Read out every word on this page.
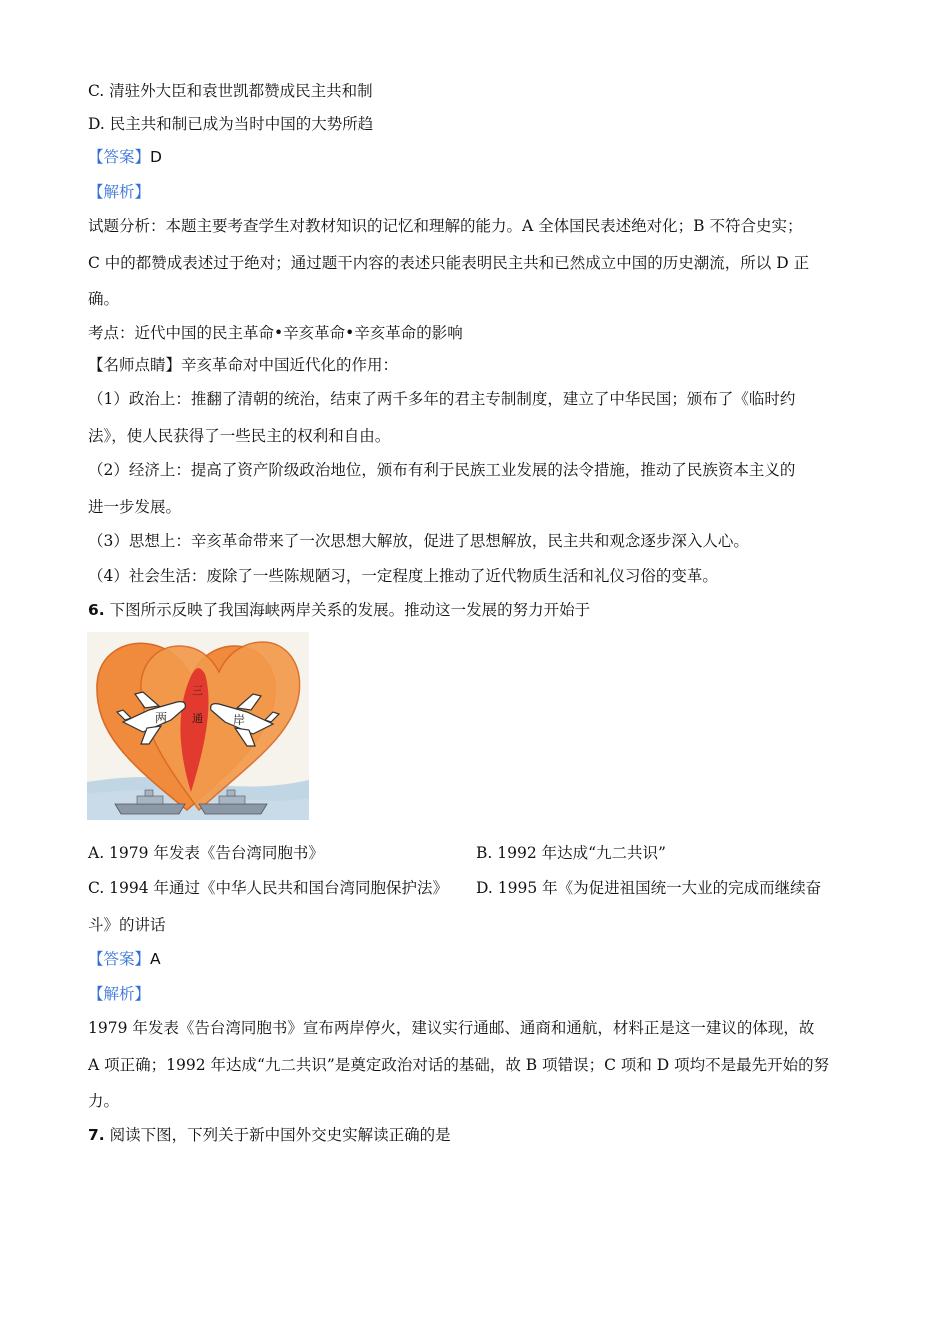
C. 清驻外大臣和袁世凯都赞成民主共和制
D. 民主共和制已成为当时中国的大势所趋
【答案】D
【解析】
试题分析：本题主要考查学生对教材知识的记忆和理解的能力。A 全体国民表述绝对化；B 不符合史实；
C 中的都赞成表述过于绝对；通过题干内容的表述只能表明民主共和已然成立中国的历史潮流，所以 D 正
确。
考点：近代中国的民主革命•辛亥革命•辛亥革命的影响
【名师点睛】辛亥革命对中国近代化的作用：
（1）政治上：推翻了清朝的统治，结束了两千多年的君主专制制度，建立了中华民国；颁布了《临时约
法》，使人民获得了一些民主的权利和自由。
（2）经济上：提高了资产阶级政治地位，颁布有利于民族工业发展的法令措施，推动了民族资本主义的
进一步发展。
（3）思想上：辛亥革命带来了一次思想大解放，促进了思想解放，民主共和观念逐步深入人心。
（4）社会生活：废除了一些陈规陋习，一定程度上推动了近代物质生活和礼仪习俗的变革。
6. 下图所示反映了我国海峡两岸关系的发展。推动这一发展的努力开始于
两	岸
三
通
A. 1979 年发表《告台湾同胞书》	B. 1992 年达成“九二共识”
C. 1994 年通过《中华人民共和国台湾同胞保护法》 D. 1995 年《为促进祖国统一大业的完成而继续奋
斗》的讲话
【答案】A
【解析】
1979 年发表《告台湾同胞书》宣布两岸停火，建议实行通邮、通商和通航，材料正是这一建议的体现，故
A 项正确；1992 年达成“九二共识”是奠定政治对话的基础，故 B 项错误；C 项和 D 项均不是最先开始的努
力。
7. 阅读下图，下列关于新中国外交史实解读正确的是
